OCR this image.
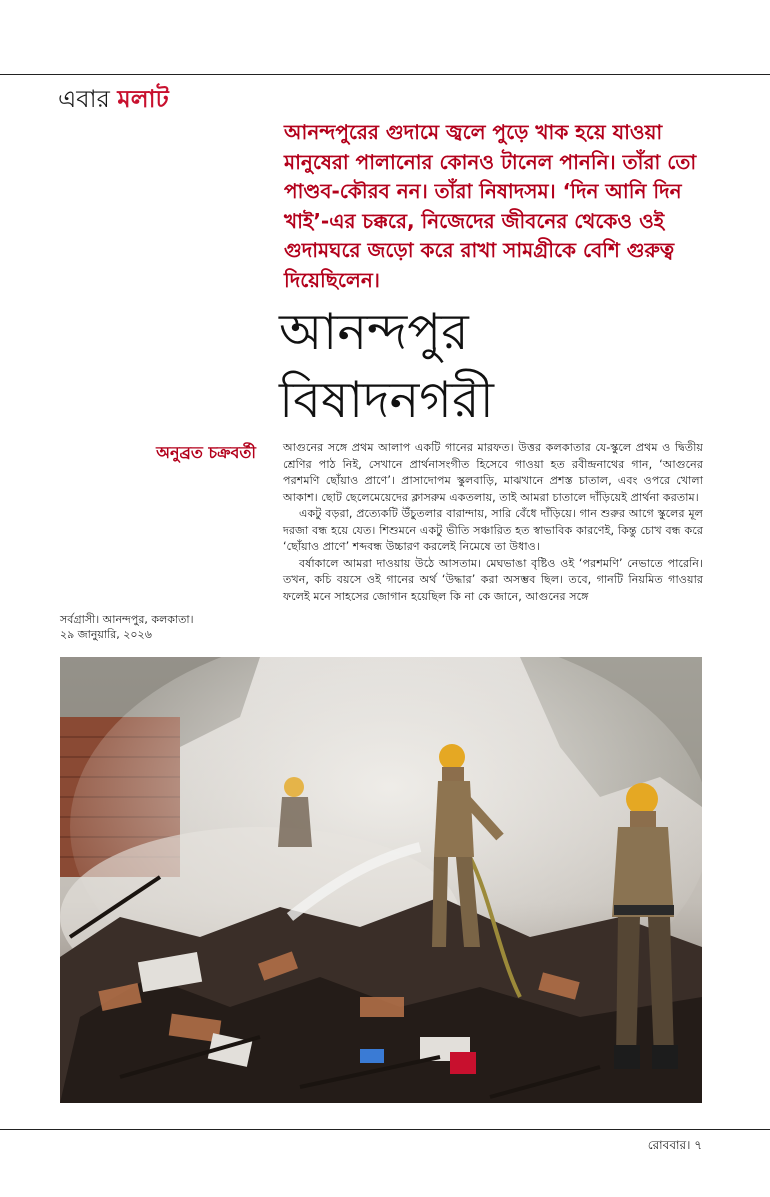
এবার মলাট
আনন্দপুরের গুদামে জ্বলে পুড়ে খাক হয়ে যাওয়া মানুষেরা পালানোর কোনও টানেল পাননি। তাঁরা তো পাণ্ডব-কৌরব নন। তাঁরা নিষাদসম। ‘দিন আনি দিন খাই’-এর চক্করে, নিজেদের জীবনের থেকেও ওই গুদামঘরে জড়ো করে রাখা সামগ্রীকে বেশি গুরুত্ব দিয়েছিলেন।
আনন্দপুর
বিষাদনগরী
অনুব্রত চক্রবর্তী আগুনের সঙ্গে প্রথম আলাপ একটি গানের মারফত। উত্তর কলকাতার যে-স্কুলে প্রথম ও দ্বিতীয় শ্রেণির পাঠ নিই, সেখানে প্রার্থনাসংগীত হিসেবে গাওয়া হত রবীন্দ্রনাথের গান, ‘আগুনের পরশমণি ছোঁয়াও প্রাণে’। প্রাসাদোপম স্কুলবাড়ি, মাঝখানে প্রশস্ত চাতাল, এবং ওপরে খোলা আকাশ। ছোট ছেলেমেয়েদের ক্লাসরুম একতলায়, তাই আমরা চাতালে দাঁড়িয়েই প্রার্থনা করতাম।

একটু বড়রা, প্রত্যেকটি উঁচুতলার বারান্দায়, সারি বেঁধে দাঁড়িয়ে। গান শুরুর আগে স্কুলের মূল দরজা বন্ধ হয়ে যেত। শিশুমনে একটু ভীতি সঞ্চারিত হত স্বাভাবিক কারণেই, কিন্তু চোখ বন্ধ করে ‘ছোঁয়াও প্রাণে’ শব্দবন্ধ উচ্চারণ করলেই নিমেষে তা উধাও।

বর্ষাকালে আমরা দাওয়ায় উঠে আসতাম। মেঘভাঙা বৃষ্টিও ওই ‘পরশমণি’ নেভাতে পারেনি। তখন, কচি বয়সে ওই গানের অর্থ ‘উদ্ধার’ করা অসম্ভব ছিল। তবে, গানটি নিয়মিত গাওয়ার ফলেই মনে সাহসের জোগান হয়েছিল কি না কে জানে, আগুনের সঙ্গে

সর্বগ্রাসী। আনন্দপুর, কলকাতা।
২৯ জানুয়ারি, ২০২৬
রোববার। ৭
